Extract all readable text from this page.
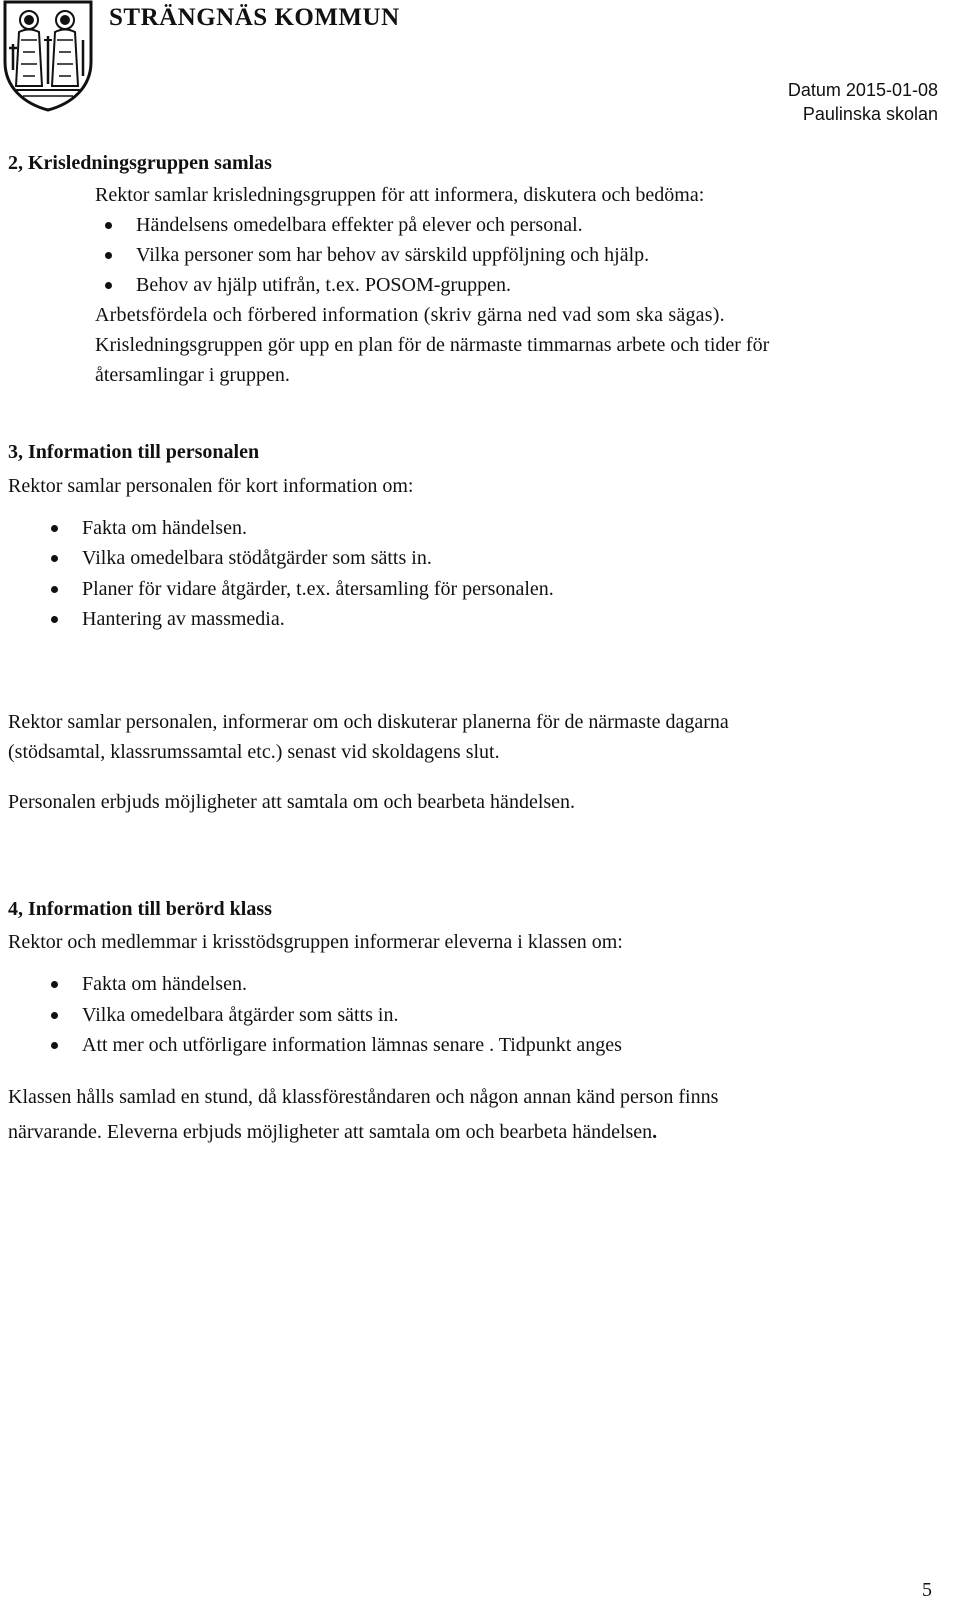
STRÄNGNÄS KOMMUN
Datum 2015-01-08
Paulinska skolan
2, Krisledningsgruppen samlas
Rektor samlar krisledningsgruppen för att informera, diskutera och bedöma:
Händelsens omedelbara effekter på elever och personal.
Vilka personer som har behov av särskild uppföljning och hjälp.
Behov av hjälp utifrån, t.ex. POSOM-gruppen.
Arbetsfördela och förbered information (skriv gärna ned vad som ska sägas).
Krisledningsgruppen gör upp en plan för de närmaste timmarnas arbete och tider för
återsamlingar i gruppen.
3, Information till personalen
Rektor samlar personalen för kort information om:
Fakta om händelsen.
Vilka omedelbara stödåtgärder som sätts in.
Planer för vidare åtgärder, t.ex. återsamling för personalen.
Hantering av massmedia.
Rektor samlar personalen, informerar om och diskuterar planerna för de närmaste dagarna
(stödsamtal, klassrumssamtal etc.) senast vid skoldagens slut.
Personalen erbjuds möjligheter att samtala om och bearbeta händelsen.
4, Information till berörd klass
Rektor och medlemmar i krisstödsgruppen informerar eleverna i klassen om:
Fakta om händelsen.
Vilka omedelbara åtgärder som sätts in.
Att mer och utförligare information lämnas senare . Tidpunkt anges
Klassen hålls samlad en stund, då klassföreståndaren och någon annan känd person finns
närvarande. Eleverna erbjuds möjligheter att samtala om och bearbeta händelsen.
5
